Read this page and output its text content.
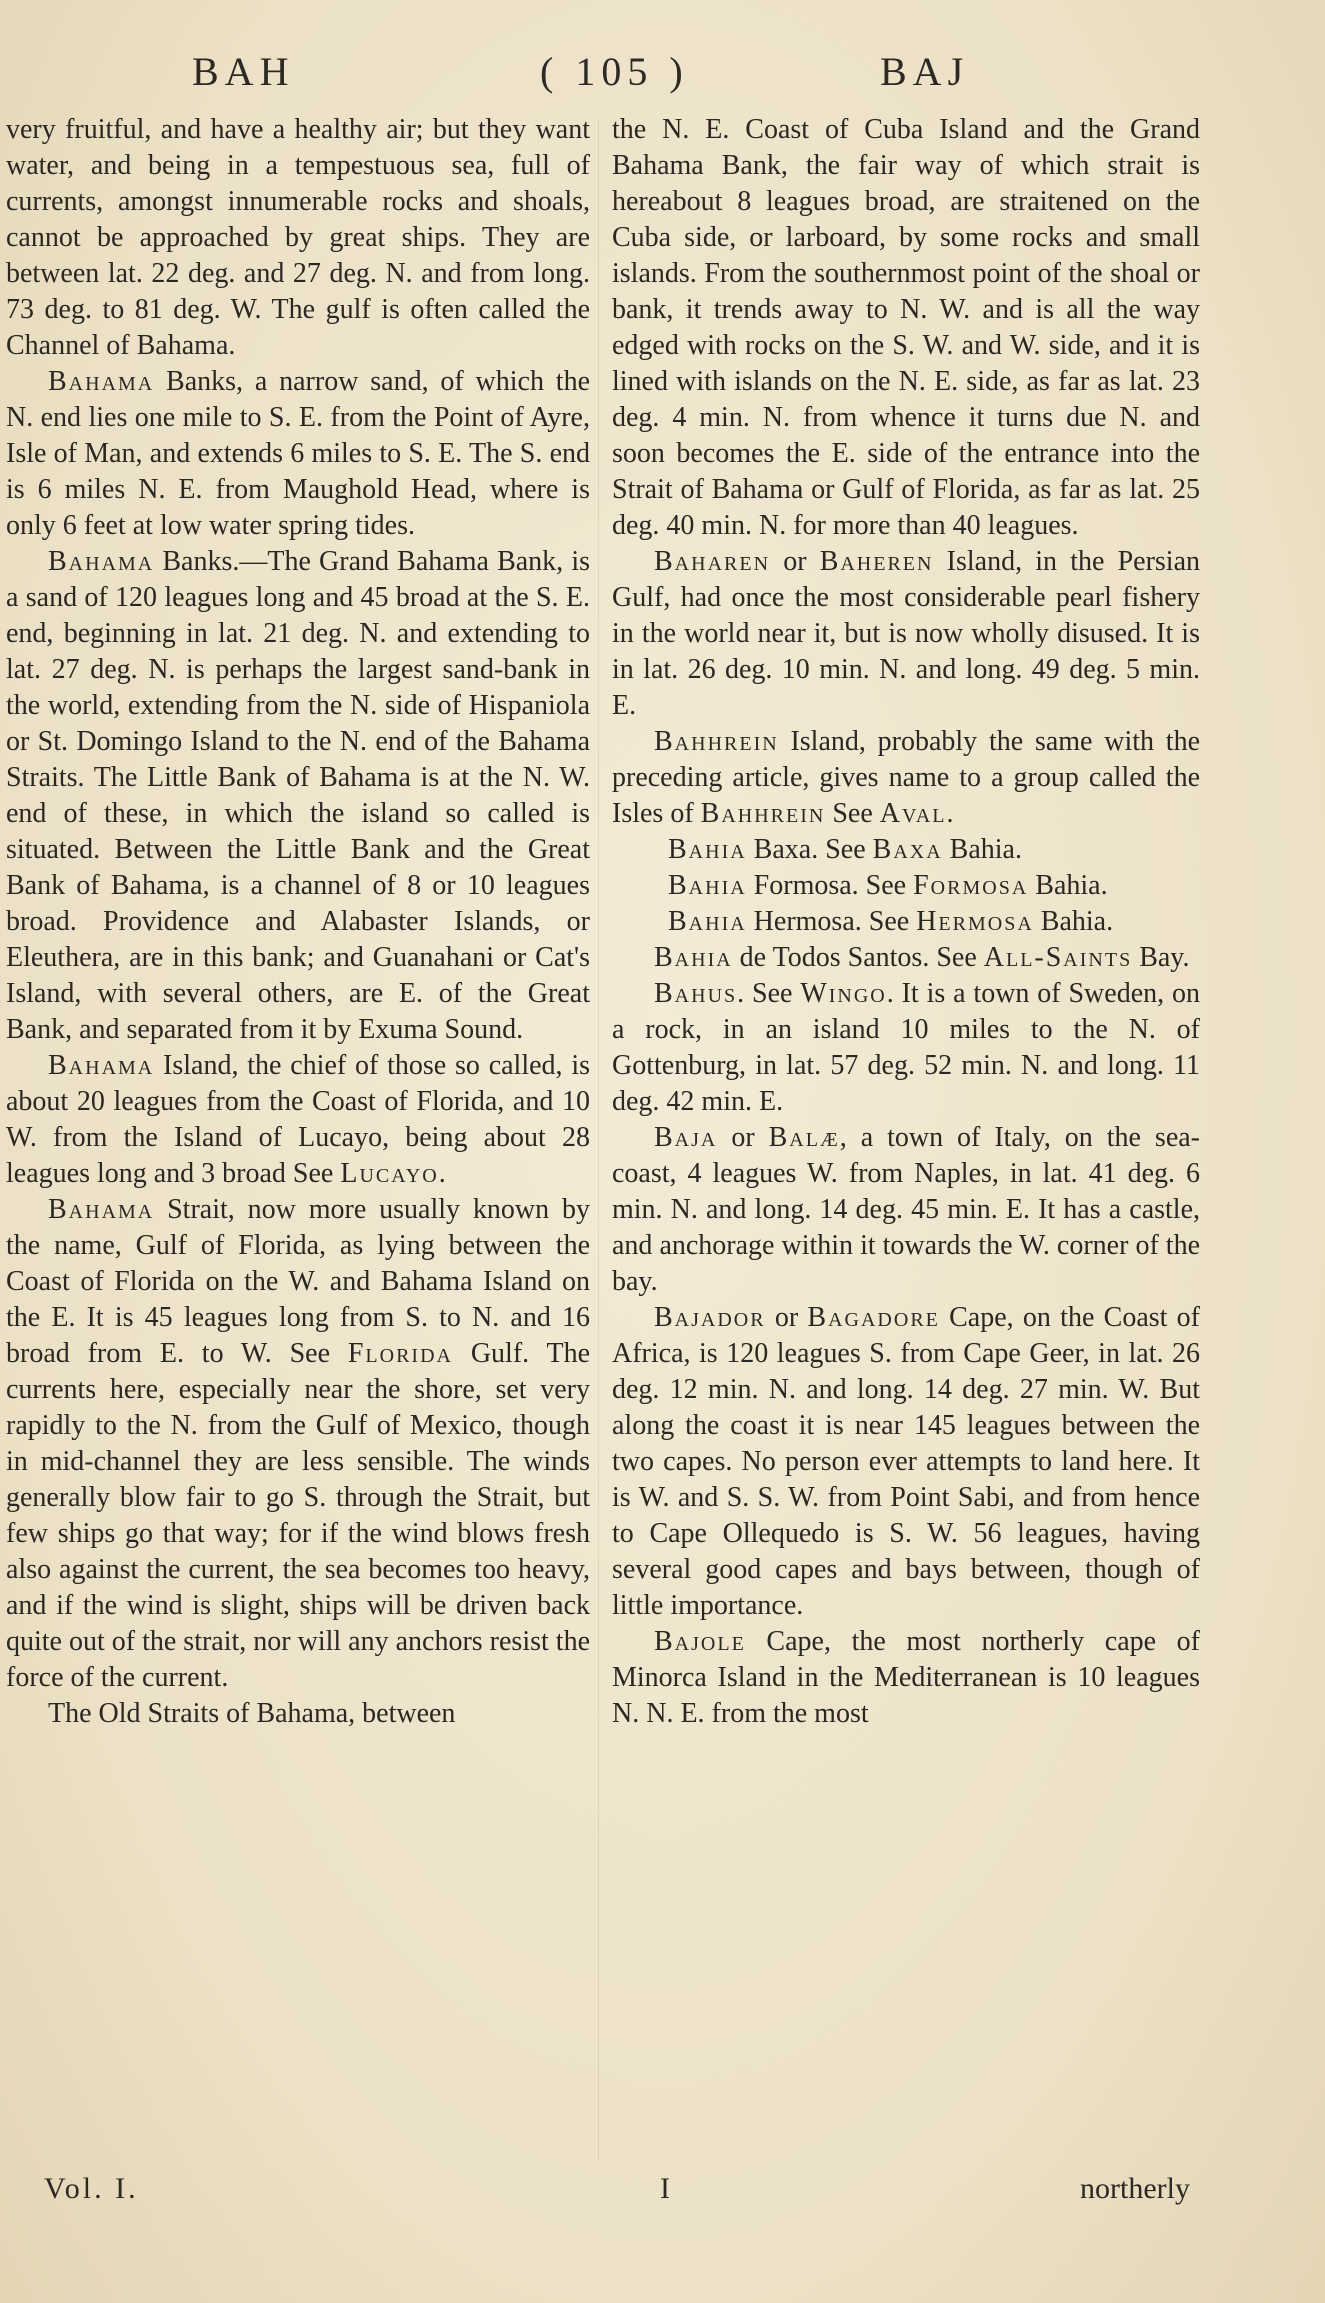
BAH	( 105 )	BAJ

very fruitful, and have a healthy air; but they want water, and being in a tempestuous sea, full of currents, amongst innumerable rocks and shoals, cannot be approached by great ships. They are between lat. 22 deg. and 27 deg. N. and from long. 73 deg. to 81 deg. W. The gulf is often called the Channel of Bahama.

Bahama Banks, a narrow sand, of which the N. end lies one mile to S. E. from the Point of Ayre, Isle of Man, and extends 6 miles to S. E. The S. end is 6 miles N. E. from Maughold Head, where is only 6 feet at low water spring tides.

Bahama Banks.—The Grand Bahama Bank, is a sand of 120 leagues long and 45 broad at the S. E. end, beginning in lat. 21 deg. N. and extending to lat. 27 deg. N. is perhaps the largest sand-bank in the world, extending from the N. side of Hispaniola or St. Domingo Island to the N. end of the Bahama Straits. The Little Bank of Bahama is at the N. W. end of these, in which the island so called is situated. Between the Little Bank and the Great Bank of Bahama, is a channel of 8 or 10 leagues broad. Providence and Alabaster Islands, or Eleuthera, are in this bank; and Guanahani or Cat's Island, with several others, are E. of the Great Bank, and separated from it by Exuma Sound.

Bahama Island, the chief of those so called, is about 20 leagues from the Coast of Florida, and 10 W. from the Island of Lucayo, being about 28 leagues long and 3 broad See Lucayo.

Bahama Strait, now more usually known by the name, Gulf of Florida, as lying between the Coast of Florida on the W. and Bahama Island on the E. It is 45 leagues long from S. to N. and 16 broad from E. to W. See Florida Gulf. The currents here, especially near the shore, set very rapidly to the N. from the Gulf of Mexico, though in mid-channel they are less sensible. The winds generally blow fair to go S. through the Strait, but few ships go that way; for if the wind blows fresh also against the current, the sea becomes too heavy, and if the wind is slight, ships will be driven back quite out of the strait, nor will any anchors resist the force of the current.

The Old Straits of Bahama, between

the N. E. Coast of Cuba Island and the Grand Bahama Bank, the fair way of which strait is hereabout 8 leagues broad, are straitened on the Cuba side, or larboard, by some rocks and small islands. From the southernmost point of the shoal or bank, it trends away to N. W. and is all the way edged with rocks on the S. W. and W. side, and it is lined with islands on the N. E. side, as far as lat. 23 deg. 4 min. N. from whence it turns due N. and soon becomes the E. side of the entrance into the Strait of Bahama or Gulf of Florida, as far as lat. 25 deg. 40 min. N. for more than 40 leagues.

Baharen or Baheren Island, in the Persian Gulf, had once the most considerable pearl fishery in the world near it, but is now wholly disused. It is in lat. 26 deg. 10 min. N. and long. 49 deg. 5 min. E.

Bahhrein Island, probably the same with the preceding article, gives name to a group called the Isles of Bahhrein See Aval.

Bahia Baxa. See Baxa Bahia.

Bahia Formosa. See Formosa Bahia.

Bahia Hermosa. See Hermosa Bahia.

Bahia de Todos Santos. See All-Saints Bay.

Bahus. See Wingo. It is a town of Sweden, on a rock, in an island 10 miles to the N. of Gottenburg, in lat. 57 deg. 52 min. N. and long. 11 deg. 42 min. E.

Baja or Balæ, a town of Italy, on the sea-coast, 4 leagues W. from Naples, in lat. 41 deg. 6 min. N. and long. 14 deg. 45 min. E. It has a castle, and anchorage within it towards the W. corner of the bay.

Bajador or Bagadore Cape, on the Coast of Africa, is 120 leagues S. from Cape Geer, in lat. 26 deg. 12 min. N. and long. 14 deg. 27 min. W. But along the coast it is near 145 leagues between the two capes. No person ever attempts to land here. It is W. and S. S. W. from Point Sabi, and from hence to Cape Ollequedo is S. W. 56 leagues, having several good capes and bays between, though of little importance.

Bajole Cape, the most northerly cape of Minorca Island in the Mediterranean is 10 leagues N. N. E. from the most

Vol. I.	I	northerly
